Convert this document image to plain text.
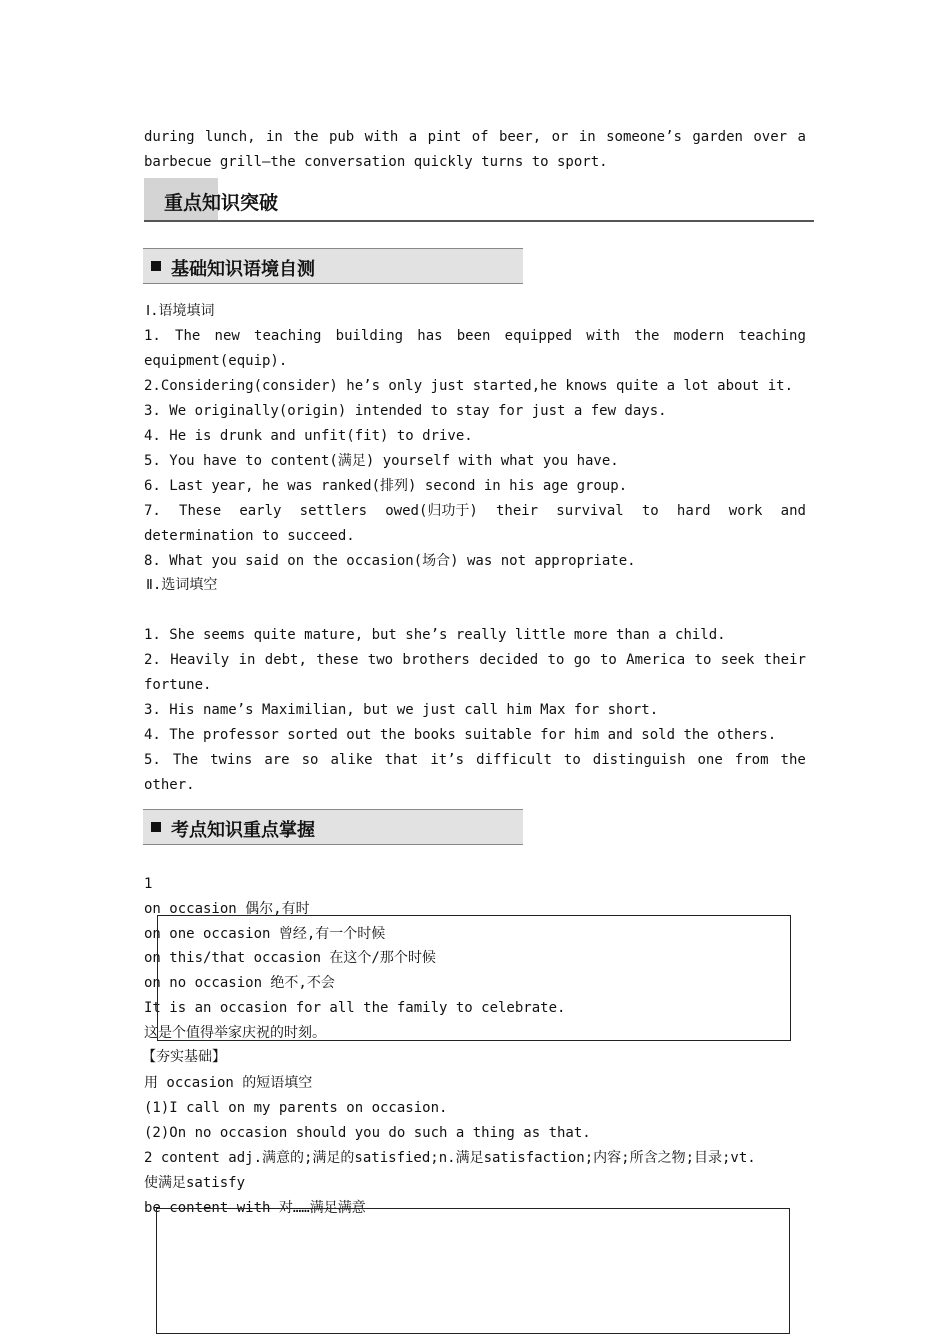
during lunch, in the pub with a pint of beer, or in someone’s garden over a
barbecue grill—the conversation quickly turns to sport.
重点知识突破
基础知识语境自测
Ⅰ.语境填词
1. The new teaching building has been equipped with the modern teaching
equipment(equip).
2.Considering(consider) he’s only just started,he knows quite a lot about it.
3. We originally(origin) intended to stay for just a few days.
4. He is drunk and unfit(fit) to drive.
5. You have to content(满足) yourself with what you have.
6. Last year, he was ranked(排列) second in his age group.
7. These early settlers owed(归功于) their survival to hard work and
determination to succeed.
8. What you said on the occasion(场合) was not appropriate.
Ⅱ.选词填空
1. She seems quite mature, but she’s really little more than a child.
2. Heavily in debt, these two brothers decided to go to America to seek their
fortune.
3. His name’s Maximilian, but we just call him Max for short.
4. The professor sorted out the books suitable for him and sold the others.
5. The twins are so alike that it’s difficult to distinguish one from the
other.
考点知识重点掌握
1
on occasion 偶尔,有时
on one occasion 曾经,有一个时候
on this/that occasion 在这个/那个时候
on no occasion 绝不,不会
It is an occasion for all the family to celebrate.
这是个值得举家庆祝的时刻。
【夯实基础】
用 occasion 的短语填空
(1)I call on my parents on occasion.
(2)On no occasion should you do such a thing as that.
2 content adj.满意的;满足的satisfied;n.满足satisfaction;内容;所含之物;目录;vt.
使满足satisfy
be content with 对……满足满意
